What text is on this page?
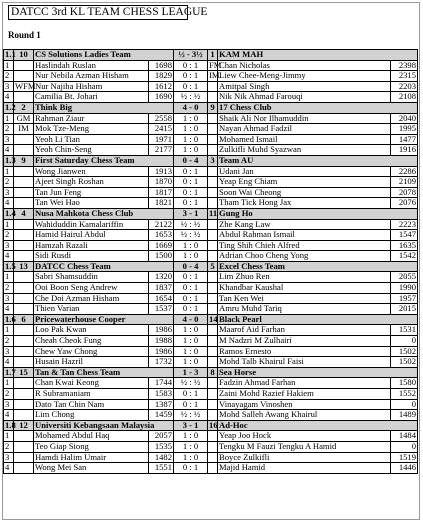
DATCC 3rd KL TEAM CHESS LEAGUE
Round 1
1.1	10	CS Solutions Ladies Team		½ - 3½	1	KAM MAH	
1		Haslindah Ruslan	1698	0 : 1	FM	Chan Nicholas	2398
2		Nur Nebila Azman Hisham	1829	0 : 1	IM	Liew Chee-Meng-Jimmy	2315
3	WFM	Nur Najiha Hisham	1612	0 : 1		Amitpal Singh	2203
4		Camilia Bt. Johari	1690	½ : ½		Nik Nik Ahmad Farouqi	2108
1.2	2	Think Big		4 - 0	9	17 Chess Club	
1	GM	Rahman Ziaur	2558	1 : 0		Shaik Ali Nor Ilhamuddin	2040
2	IM	Mok Tze-Meng	2415	1 : 0		Nayan Ahmad Fadzil	1995
3		Yeoh Li Tian	1971	1 : 0		Mohamed Ismail	1477
4		Yeoh Chin-Seng	2177	1 : 0		Zulkifli Muhd Syazwan	1916
1.3	9	First Saturday Chess Team		0 - 4	3	Team AU	
1		Wong Jianwen	1913	0 : 1		Udani Jan	2286
2		Ajeet Singh Roshan	1870	0 : 1		Yeap Eng Chiam	2109
3		Tan Jun Feng	1817	0 : 1		Soon Wai Cheong	2078
4		Tan Wei Hao	1821	0 : 1		Tham Tick Hong Jax	2076
1.4	4	Nusa Mahkota Chess Club		3 - 1	11	Gung Ho	
1		Wahiduddin Kamalariffin	2122	½ : ½		Zhe Kang Law	2223
2		Hamid Hairul Abdul	1653	½ : ½		Abdul Rahman Ismail	1547
3		Hamzah Razali	1669	1 : 0		Ting Shih Chieh Alfred	1635
4		Sidi Rusdi	1500	1 : 0		Adrian Choo Cheng Yong	1542
1.5	13	DATCC Chess Team		0 - 4	5	Excel Chess Team	
1		Sabri Shamsuddin	1320	0 : 1		Lim Zhuo Ren	2055
2		Ooi Boon Seng Andrew	1837	0 : 1		Khandbar Kaushal	1990
3		Che Doi Azman Hisham	1654	0 : 1		Tan Ken Wei	1957
4		Thien Varian	1537	0 : 1		Amru Muhd Tariq	2015
1.6	6	Pricewaterhouse Cooper		4 - 0	14	Black Pearl	
1		Loo Pak Kwan	1986	1 : 0		Maarof Aid Farhan	1531
2		Cheah Cheok Fung	1988	1 : 0		M Nadzri M Zulhairi	0
3		Chew Yaw Chong	1986	1 : 0		Ramos Ernesto	1502
4		Husain Hazril	1732	1 : 0		Mohd Talb Khairul Faisi	1502
1.7	15	Tan & Tan Chess Team		1 - 3	8	Sea Horse	
1		Chan Kwai Keong	1744	½ : ½		Fadzin Ahmad Farhan	1580
2		R Subramaniam	1583	0 : 1		Zaini Mohd Razief Hakiem	1552
3		Dato Tan Chin Nam	1387	0 : 1		Vinayagam Vinoshen	0
4		Lim Chong	1459	½ : ½		Mohd Salleh Awang Khairul	1489
1.8	12	Universiti Kebangsaan Malaysia		3 - 1	16	Ad-Hoc	
1		Mohamed Abdul Haq	2057	1 : 0		Yeap Joo Hock	1484
2		Teo Giap Siong	1535	1 : 0		Tengku M Fauzi Tengku A Hamid	0
3		Hamdi Halim Umair	1482	1 : 0		Boyce Zulkifli	1519
4		Wong Mei San	1551	0 : 1		Majid Hamid	1446
